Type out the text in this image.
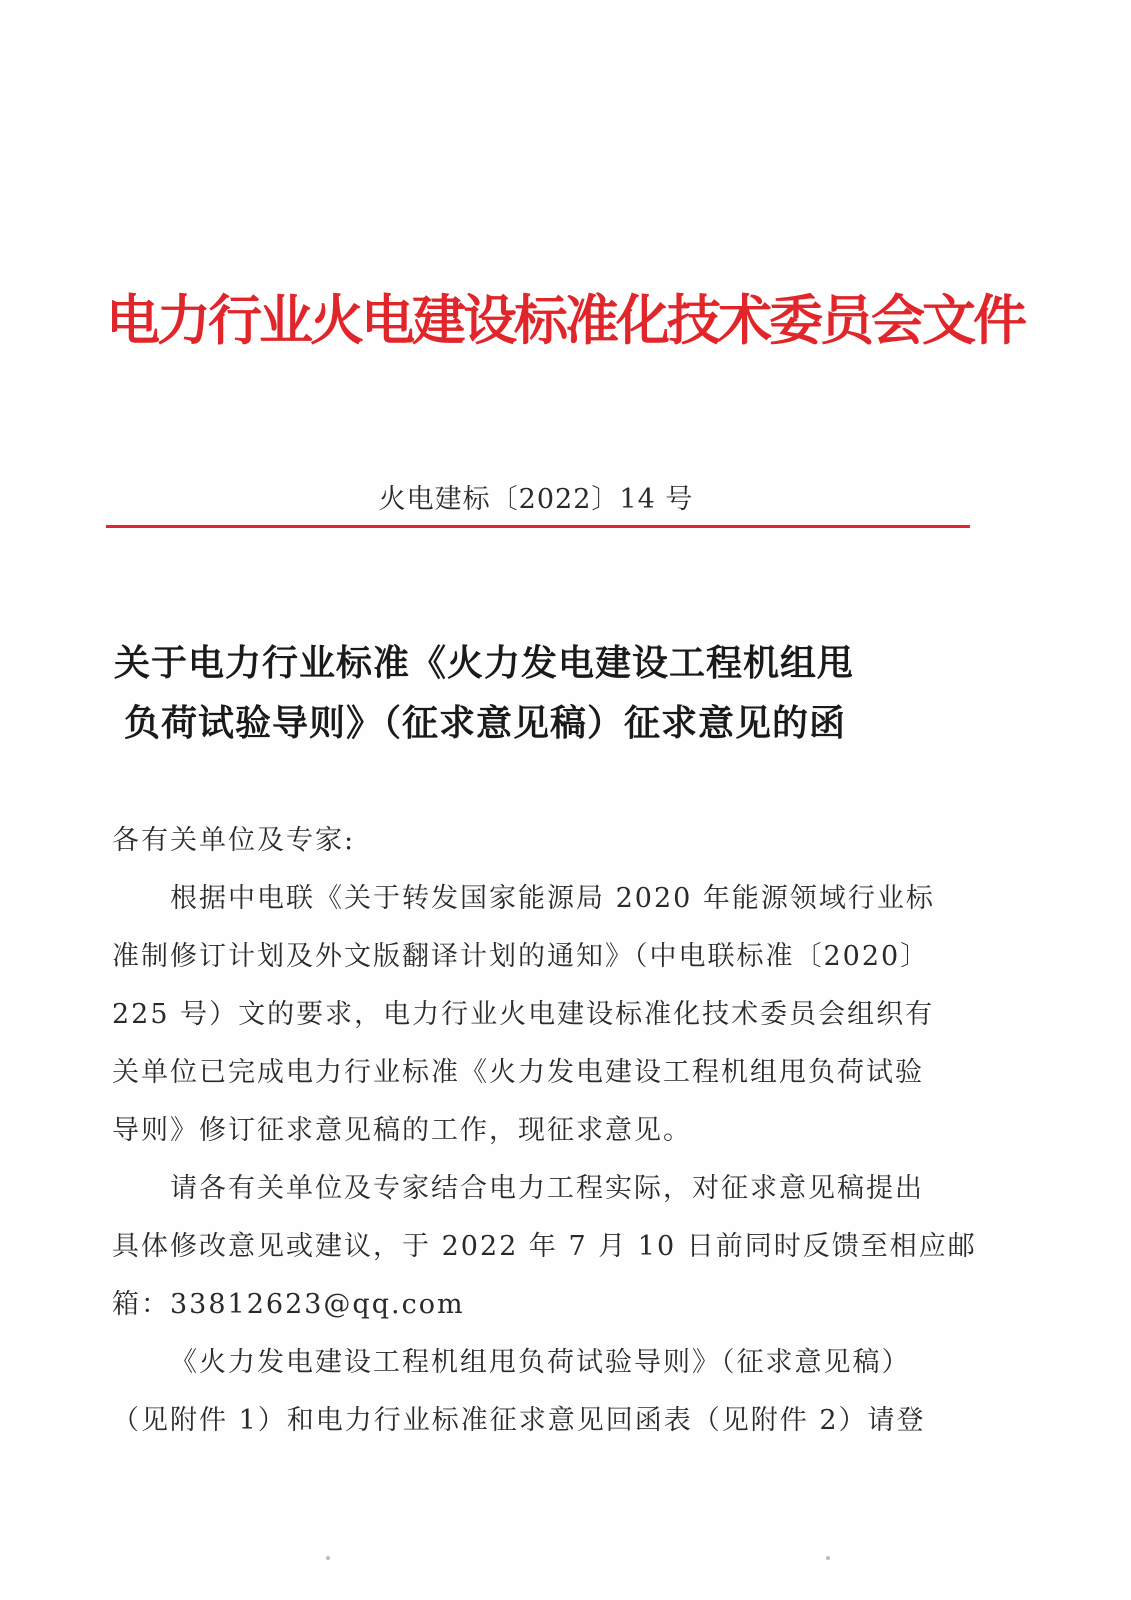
电力行业火电建设标准化技术委员会文件
火电建标〔2022〕14 号
关于电力行业标准《火力发电建设工程机组甩
负荷试验导则》（征求意见稿）征求意见的函

各有关单位及专家:

根据中电联《关于转发国家能源局 2020 年能源领域行业标

准制修订计划及外文版翻译计划的通知》（中电联标准〔2020〕

225 号）文的要求，电力行业火电建设标准化技术委员会组织有

关单位已完成电力行业标准《火力发电建设工程机组甩负荷试验

导则》修订征求意见稿的工作，现征求意见。

请各有关单位及专家结合电力工程实际，对征求意见稿提出

具体修改意见或建议，于 2022 年 7 月 10 日前同时反馈至相应邮

箱：33812623@qq.com

《火力发电建设工程机组甩负荷试验导则》（征求意见稿）

（见附件 1）和电力行业标准征求意见回函表（见附件 2）请登
